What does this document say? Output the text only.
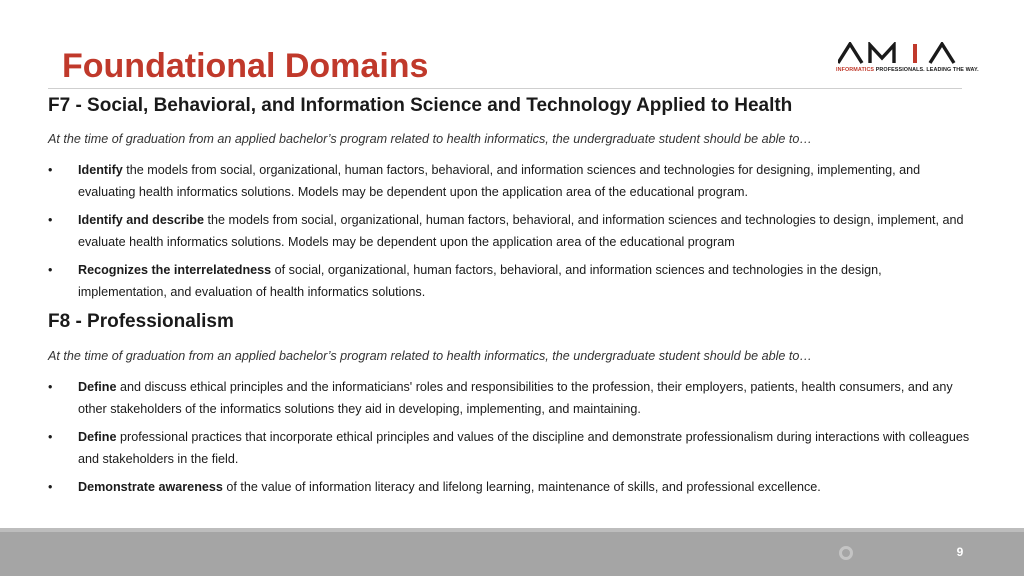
Foundational Domains	INFORMATICS PROFESSIONALS. LEADING THE WAY.
F7 - Social, Behavioral, and Information Science and Technology Applied to Health
At the time of graduation from an applied bachelor’s program related to health informatics, the undergraduate student should be able to…
• Identify the models from social, organizational, human factors, behavioral, and information sciences and technologies for designing, implementing, and evaluating health informatics solutions. Models may be dependent upon the application area of the educational program.
• Identify and describe the models from social, organizational, human factors, behavioral, and information sciences and technologies to design, implement, and evaluate health informatics solutions. Models may be dependent upon the application area of the educational program
• Recognizes the interrelatedness of social, organizational, human factors, behavioral, and information sciences and technologies in the design, implementation, and evaluation of health informatics solutions.
F8 - Professionalism
At the time of graduation from an applied bachelor’s program related to health informatics, the undergraduate student should be able to…
• Define and discuss ethical principles and the informaticians' roles and responsibilities to the profession, their employers, patients, health consumers, and any other stakeholders of the informatics solutions they aid in developing, implementing, and maintaining.
• Define professional practices that incorporate ethical principles and values of the discipline and demonstrate professionalism during interactions with colleagues and stakeholders in the field.
• Demonstrate awareness of the value of information literacy and lifelong learning, maintenance of skills, and professional excellence.
9
